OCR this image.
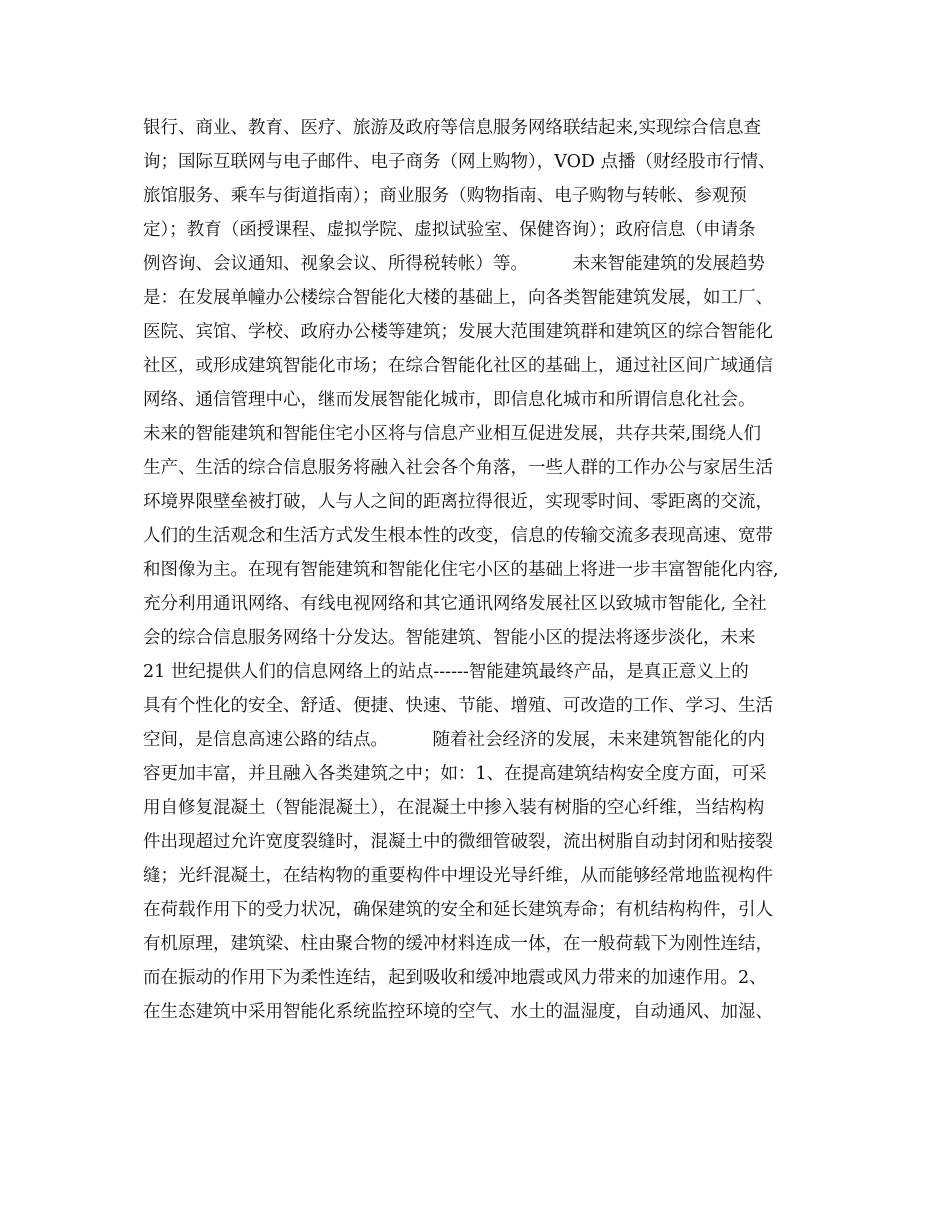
银行、商业、教育、医疗、旅游及政府等信息服务网络联结起来,实现综合信息查
询；国际互联网与电子邮件、电子商务（网上购物），VOD 点播（财经股市行情、
旅馆服务、乘车与街道指南）；商业服务（购物指南、电子购物与转帐、参观预
定）；教育（函授课程、虚拟学院、虚拟试验室、保健咨询）；政府信息（申请条
例咨询、会议通知、视象会议、所得税转帐）等。        未来智能建筑的发展趋势
是：在发展单幢办公楼综合智能化大楼的基础上，向各类智能建筑发展，如工厂、
医院、宾馆、学校、政府办公楼等建筑；发展大范围建筑群和建筑区的综合智能化
社区，或形成建筑智能化市场；在综合智能化社区的基础上，通过社区间广域通信
网络、通信管理中心，继而发展智能化城市，即信息化城市和所谓信息化社会。
未来的智能建筑和智能住宅小区将与信息产业相互促进发展，共存共荣,围绕人们
生产、生活的综合信息服务将融入社会各个角落，一些人群的工作办公与家居生活
环境界限壁垒被打破，人与人之间的距离拉得很近，实现零时间、零距离的交流，
人们的生活观念和生活方式发生根本性的改变，信息的传输交流多表现高速、宽带
和图像为主。在现有智能建筑和智能化住宅小区的基础上将进一步丰富智能化内容,
充分利用通讯网络、有线电视网络和其它通讯网络发展社区以致城市智能化, 全社
会的综合信息服务网络十分发达。智能建筑、智能小区的提法将逐步淡化，未来
21 世纪提供人们的信息网络上的站点------智能建筑最终产品，是真正意义上的
具有个性化的安全、舒适、便捷、快速、节能、增殖、可改造的工作、学习、生活
空间，是信息高速公路的结点。        随着社会经济的发展，未来建筑智能化的内
容更加丰富，并且融入各类建筑之中；如：1、在提高建筑结构安全度方面，可采
用自修复混凝土（智能混凝土），在混凝土中掺入装有树脂的空心纤维，当结构构
件出现超过允许宽度裂缝时，混凝土中的微细管破裂，流出树脂自动封闭和贴接裂
缝；光纤混凝土，在结构物的重要构件中埋设光导纤维，从而能够经常地监视构件
在荷载作用下的受力状况，确保建筑的安全和延长建筑寿命；有机结构构件，引人
有机原理，建筑梁、柱由聚合物的缓冲材料连成一体，在一般荷载下为刚性连结，
而在振动的作用下为柔性连结，起到吸收和缓冲地震或风力带来的加速作用。2、
在生态建筑中采用智能化系统监控环境的空气、水土的温湿度，自动通风、加湿、
